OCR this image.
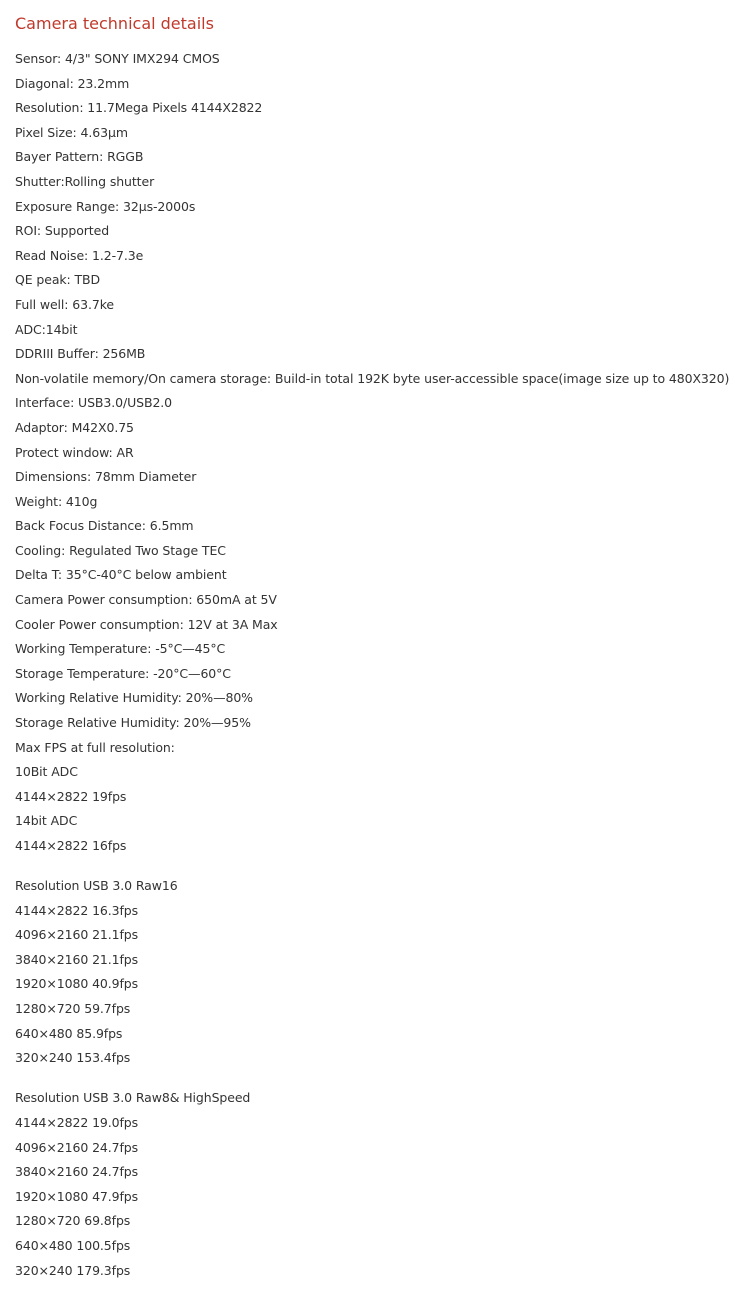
Camera technical details
Sensor: 4/3" SONY IMX294 CMOS
Diagonal: 23.2mm
Resolution: 11.7Mega Pixels 4144X2822
Pixel Size: 4.63μm
Bayer Pattern: RGGB
Shutter:Rolling shutter
Exposure Range: 32μs-2000s
ROI: Supported
Read Noise: 1.2-7.3e
QE peak: TBD
Full well: 63.7ke
ADC:14bit
DDRIII Buffer: 256MB
Non-volatile memory/On camera storage: Build-in total 192K byte user-accessible space(image size up to 480X320)
Interface: USB3.0/USB2.0
Adaptor: M42X0.75
Protect window: AR
Dimensions: 78mm Diameter
Weight: 410g
Back Focus Distance: 6.5mm
Cooling: Regulated Two Stage TEC
Delta T: 35°C-40°C below ambient
Camera Power consumption: 650mA at 5V
Cooler Power consumption: 12V at 3A Max
Working Temperature: -5°C—45°C
Storage Temperature: -20°C—60°C
Working Relative Humidity: 20%—80%
Storage Relative Humidity: 20%—95%
Max FPS at full resolution:
10Bit ADC
4144×2822 19fps
14bit ADC
4144×2822 16fps
Resolution USB 3.0 Raw16
4144×2822 16.3fps
4096×2160 21.1fps
3840×2160 21.1fps
1920×1080 40.9fps
1280×720 59.7fps
640×480 85.9fps
320×240 153.4fps
Resolution USB 3.0 Raw8& HighSpeed
4144×2822 19.0fps
4096×2160 24.7fps
3840×2160 24.7fps
1920×1080 47.9fps
1280×720 69.8fps
640×480 100.5fps
320×240 179.3fps
